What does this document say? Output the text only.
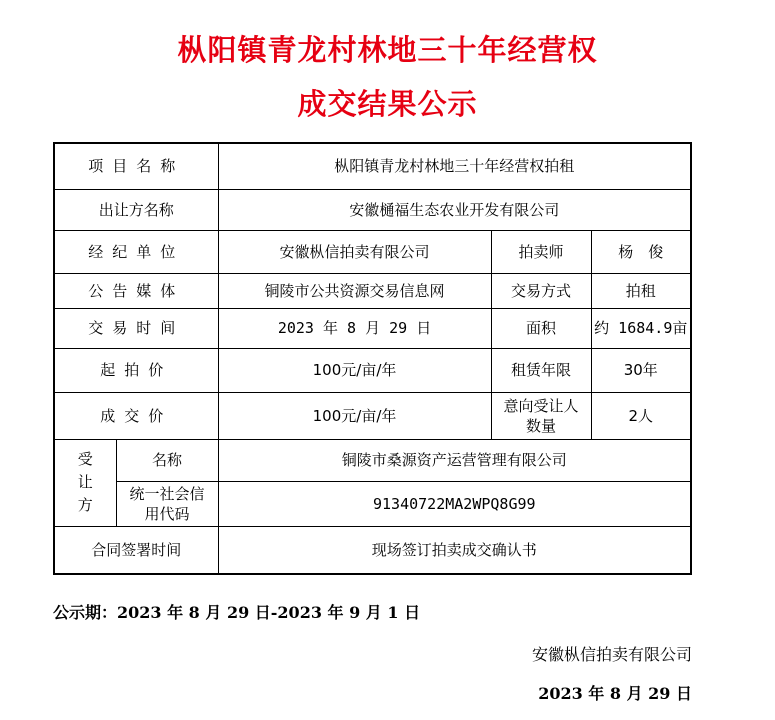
枞阳镇青龙村林地三十年经营权
成交结果公示
项目名称		枞阳镇青龙村林地三十年经营权拍租		
出让方名称		安徽樋福生态农业开发有限公司		
经纪单位		安徽枞信拍卖有限公司	拍卖师	杨　俊
公告媒体		铜陵市公共资源交易信息网	交易方式	拍租
交易时间		2023 年 8 月 29 日	面积	约 1684.9亩
起拍价		100元/亩/年	租赁年限	30年
成交价		100元/亩/年	意向受让人数量	2人
受让方	名称	铜陵市桑源资产运营管理有限公司		
	统一社会信用代码	91340722MA2WPQ8G99		
合同签署时间		现场签订拍卖成交确认书		
公示期：2023 年 8 月 29 日-2023 年 9 月 1 日
安徽枞信拍卖有限公司
2023 年 8 月 29 日
